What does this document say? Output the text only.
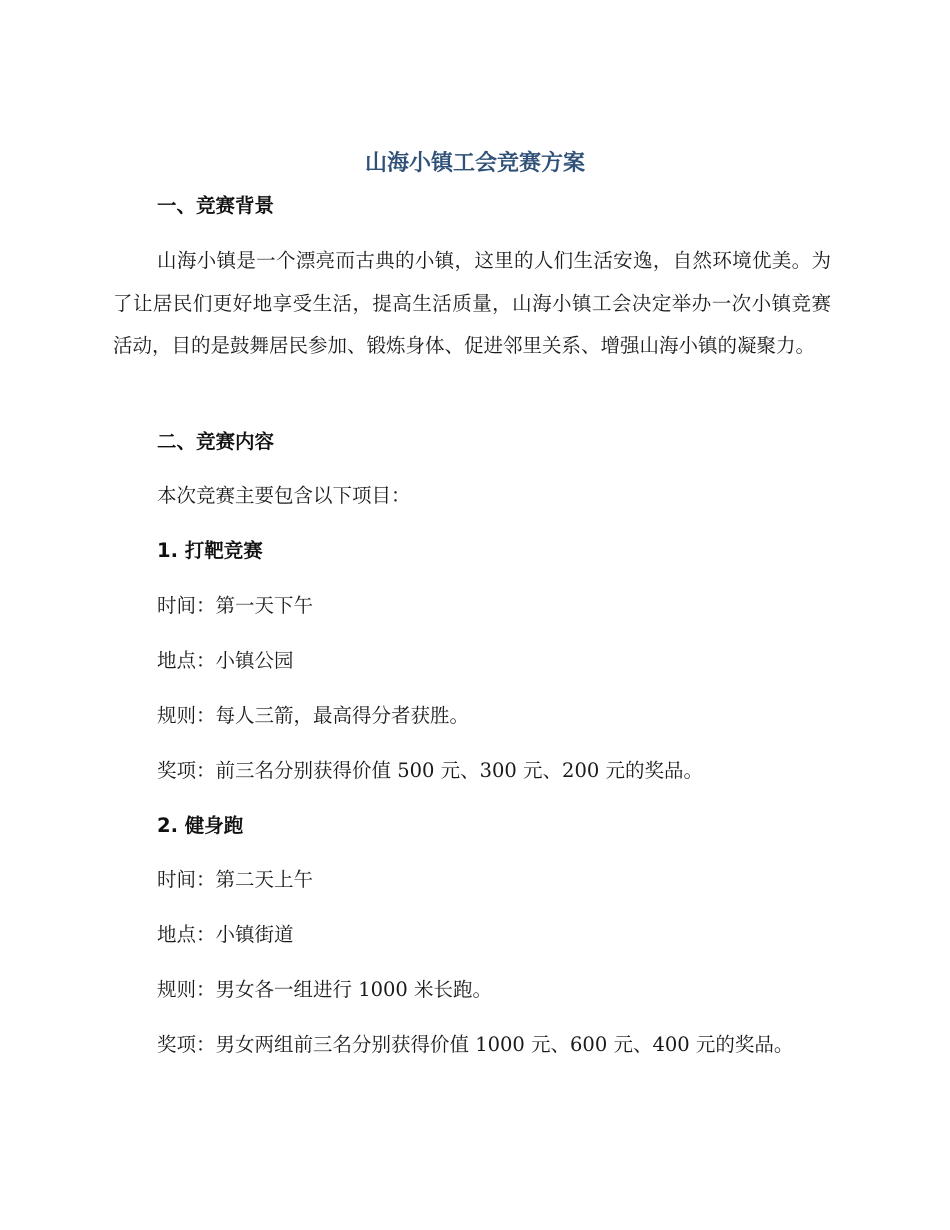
山海小镇工会竞赛方案
一、竞赛背景

山海小镇是一个漂亮而古典的小镇，这里的人们生活安逸，自然环境优美。为了让居民们更好地享受生活，提高生活质量，山海小镇工会决定举办一次小镇竞赛活动，目的是鼓舞居民参加、锻炼身体、促进邻里关系、增强山海小镇的凝聚力。

二、竞赛内容

本次竞赛主要包含以下项目：

1. 打靶竞赛

时间：第一天下午

地点：小镇公园

规则：每人三箭，最高得分者获胜。

奖项：前三名分别获得价值 500 元、300 元、200 元的奖品。

2. 健身跑

时间：第二天上午

地点：小镇街道

规则：男女各一组进行 1000 米长跑。

奖项：男女两组前三名分别获得价值 1000 元、600 元、400 元的奖品。
